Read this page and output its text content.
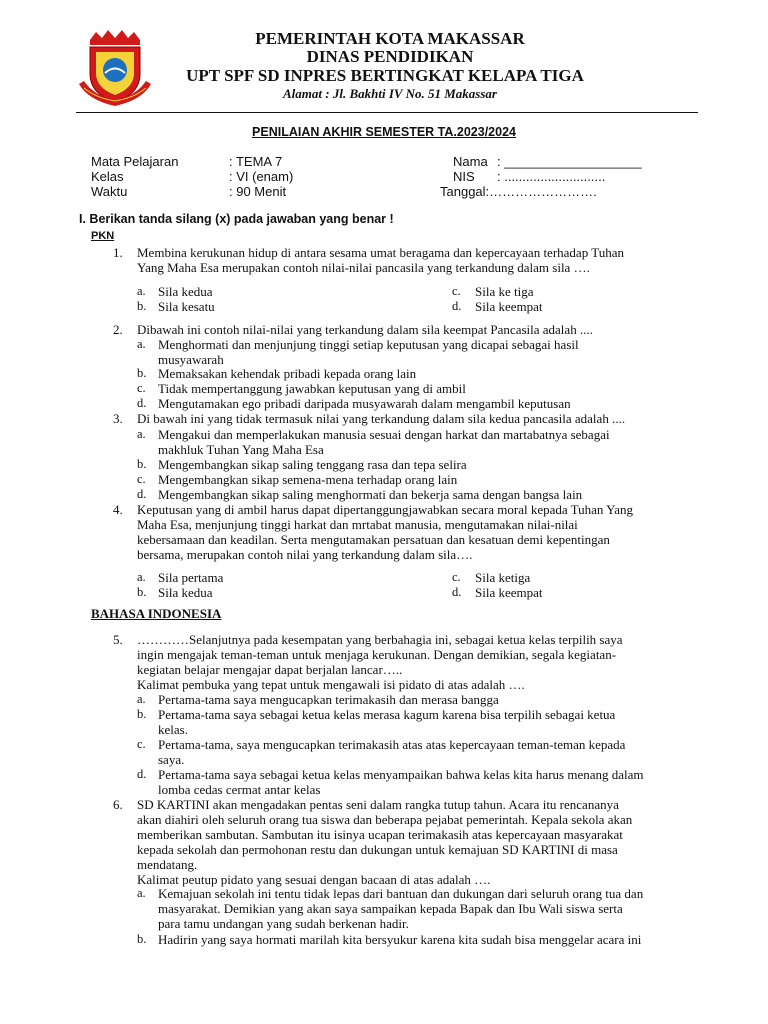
PEMERINTAH KOTA MAKASSAR
DINAS PENDIDIKAN
UPT SPF SD INPRES BERTINGKAT KELAPA TIGA
Alamat : Jl. Bakhti IV No. 51 Makassar
PENILAIAN AKHIR SEMESTER TA.2023/2024
Mata Pelajaran	: TEMA 7
Kelas	: VI (enam)
Waktu	: 90 Menit
Nama : ___________________
NIS : ............................
Tanggal:…………………….
I. Berikan tanda silang (x) pada jawaban yang benar !
PKN
1. Membina kerukunan hidup di antara sesama umat beragama dan kepercayaan terhadap Tuhan
Yang Maha Esa merupakan contoh nilai-nilai pancasila yang terkandung dalam sila ….
a. Sila kedua	c. Sila ke tiga
b. Sila kesatu	d. Sila keempat
2. Dibawah ini contoh nilai-nilai yang terkandung dalam sila keempat Pancasila adalah ....
a. Menghormati dan menjunjung tinggi setiap keputusan yang dicapai sebagai hasil
musyawarah
b. Memaksakan kehendak pribadi kepada orang lain
c. Tidak mempertanggung jawabkan keputusan yang di ambil
d. Mengutamakan ego pribadi daripada musyawarah dalam mengambil keputusan
3. Di bawah ini yang tidak termasuk nilai yang terkandung dalam sila kedua pancasila adalah ....
a. Mengakui dan memperlakukan manusia sesuai dengan harkat dan martabatnya sebagai
makhluk Tuhan Yang Maha Esa
b. Mengembangkan sikap saling tenggang rasa dan tepa selira
c. Mengembangkan sikap semena-mena terhadap orang lain
d. Mengembangkan sikap saling menghormati dan bekerja sama dengan bangsa lain
4. Keputusan yang di ambil harus dapat dipertanggungjawabkan secara moral kepada Tuhan Yang
Maha Esa, menjunjung tinggi harkat dan mrtabat manusia, mengutamakan nilai-nilai
kebersamaan dan keadilan. Serta mengutamakan persatuan dan kesatuan demi kepentingan
bersama, merupakan contoh nilai yang terkandung dalam sila….
a. Sila pertama	c. Sila ketiga
b. Sila kedua	d. Sila keempat
BAHASA INDONESIA
5. …………Selanjutnya pada kesempatan yang berbahagia ini, sebagai ketua kelas terpilih saya
ingin mengajak teman-teman untuk menjaga kerukunan. Dengan demikian, segala kegiatan-
kegiatan belajar mengajar dapat berjalan lancar…..
Kalimat pembuka yang tepat untuk mengawali isi pidato di atas adalah ….
a. Pertama-tama saya mengucapkan terimakasih dan merasa bangga
b. Pertama-tama saya sebagai ketua kelas merasa kagum karena bisa terpilih sebagai ketua
kelas.
c. Pertama-tama, saya mengucapkan terimakasih atas atas kepercayaan teman-teman kepada
saya.
d. Pertama-tama saya sebagai ketua kelas menyampaikan bahwa kelas kita harus menang dalam
lomba cedas cermat antar kelas
6. SD KARTINI akan mengadakan pentas seni dalam rangka tutup tahun. Acara itu rencananya
akan diahiri oleh seluruh orang tua siswa dan beberapa pejabat pemerintah. Kepala sekola akan
memberikan sambutan. Sambutan itu isinya ucapan terimakasih atas kepercayaan masyarakat
kepada sekolah dan permohonan restu dan dukungan untuk kemajuan SD KARTINI di masa
mendatang.
Kalimat peutup pidato yang sesuai dengan bacaan di atas adalah ….
a. Kemajuan sekolah ini tentu tidak lepas dari bantuan dan dukungan dari seluruh orang tua dan
masyarakat. Demikian yang akan saya sampaikan kepada Bapak dan Ibu Wali siswa serta
para tamu undangan yang sudah berkenan hadir.
b. Hadirin yang saya hormati marilah kita bersyukur karena kita sudah bisa menggelar acara ini
